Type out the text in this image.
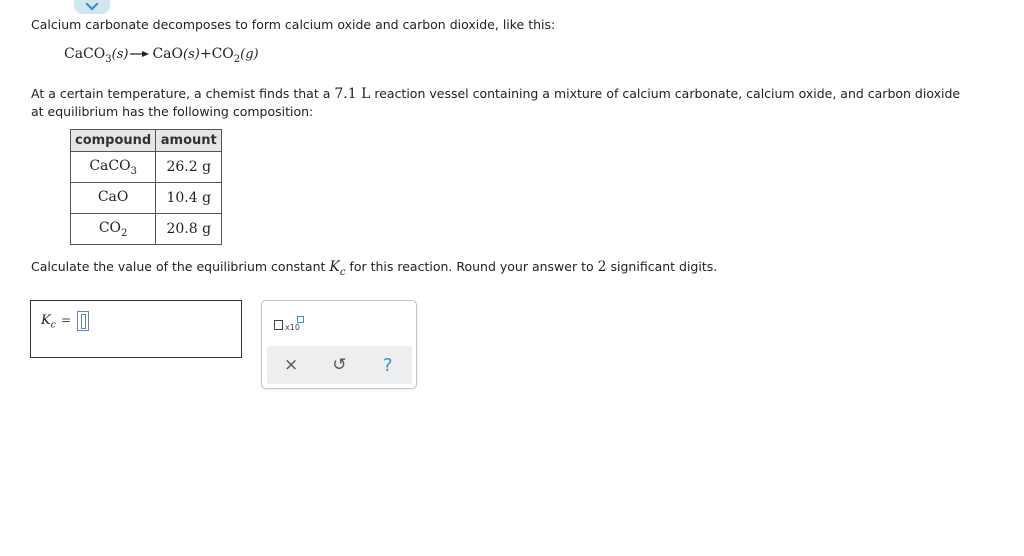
Calcium carbonate decomposes to form calcium oxide and carbon dioxide, like this:
CaCO$_3$(s) → $CaO(s)+CO_2(g)$
At a certain temperature, a chemist finds that a 7.1 L reaction vessel containing a mixture of calcium carbonate, calcium oxide, and carbon dioxide at equilibrium has the following composition:
compound	amount
CaCO$_3$	26.2 g
CaO	10.4 g
$CO_2$	20.8 g
Calculate the value of the equilibrium constant $K_c$ for this reaction. Round your answer to 2 significant digits.
$K_c$ =
x10
×	↺	?
